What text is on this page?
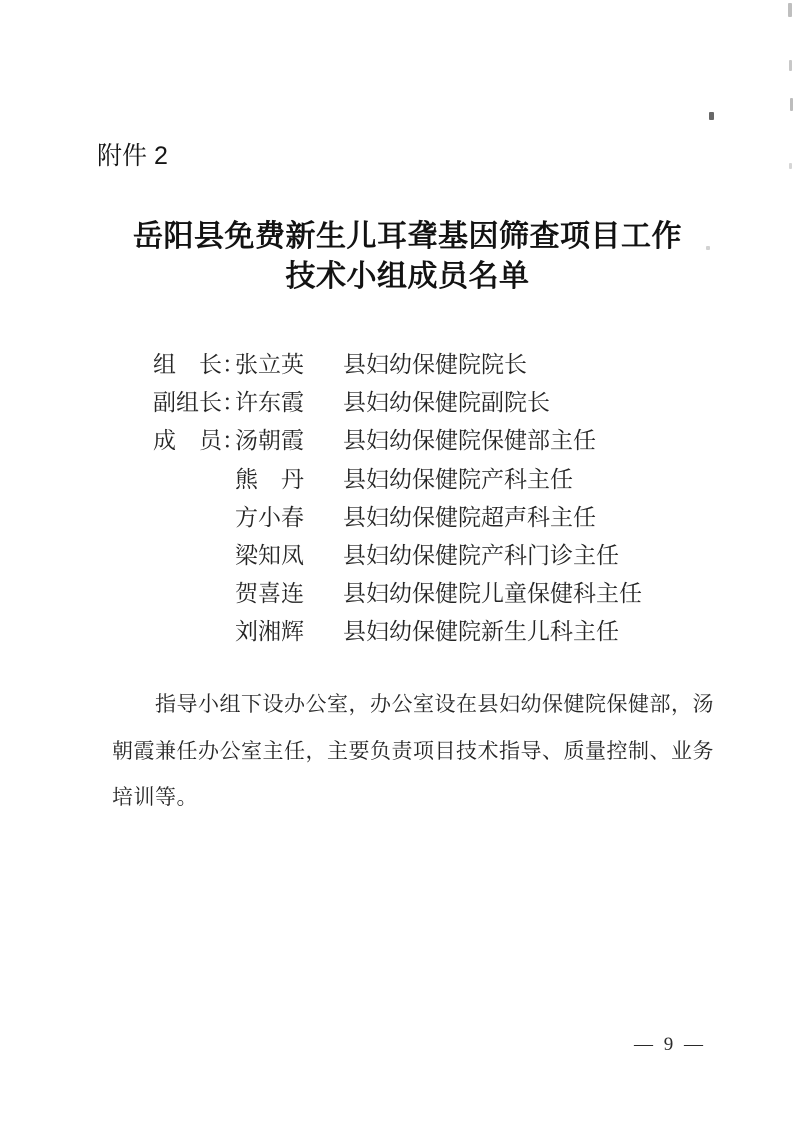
附件 2
岳阳县免费新生儿耳聋基因筛查项目工作
技术小组成员名单
组　长：张立英 县妇幼保健院院长
副组长：许东霞 县妇幼保健院副院长
成　员：汤朝霞 县妇幼保健院保健部主任
熊　丹 县妇幼保健院产科主任
方小春 县妇幼保健院超声科主任
梁知凤 县妇幼保健院产科门诊主任
贺喜连 县妇幼保健院儿童保健科主任
刘湘辉 县妇幼保健院新生儿科主任
指导小组下设办公室，办公室设在县妇幼保健院保健部，汤
朝霞兼任办公室主任，主要负责项目技术指导、质量控制、业务
培训等。
— 9 —
